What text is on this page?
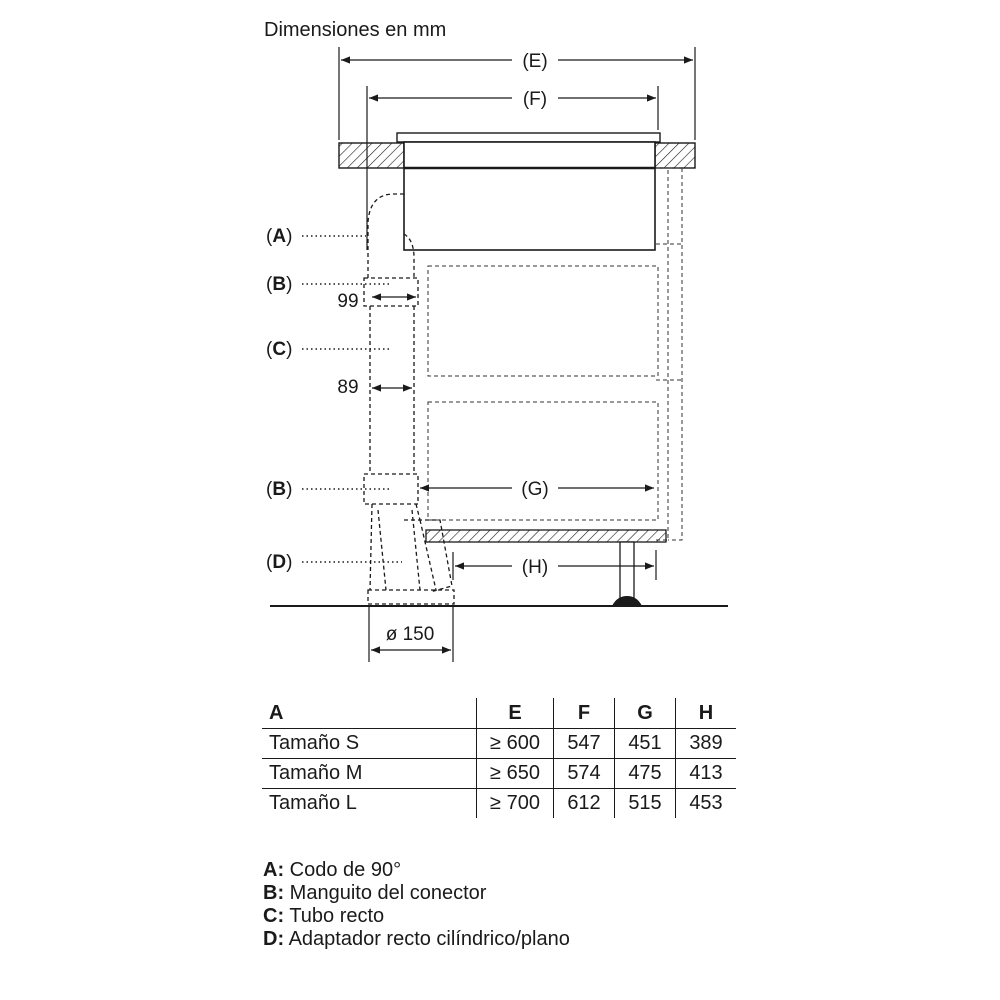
Dimensiones en mm
(E)
(F)
99
89
(G)
(H)
ø 150
(A)
(B)
(C)
(B)
(D)
A	E	F	G	H
Tamaño S	≥ 600	547	451	389
Tamaño M	≥ 650	574	475	413
Tamaño L	≥ 700	612	515	453
A: Codo de 90°
B: Manguito del conector
C: Tubo recto
D: Adaptador recto cilíndrico/plano
